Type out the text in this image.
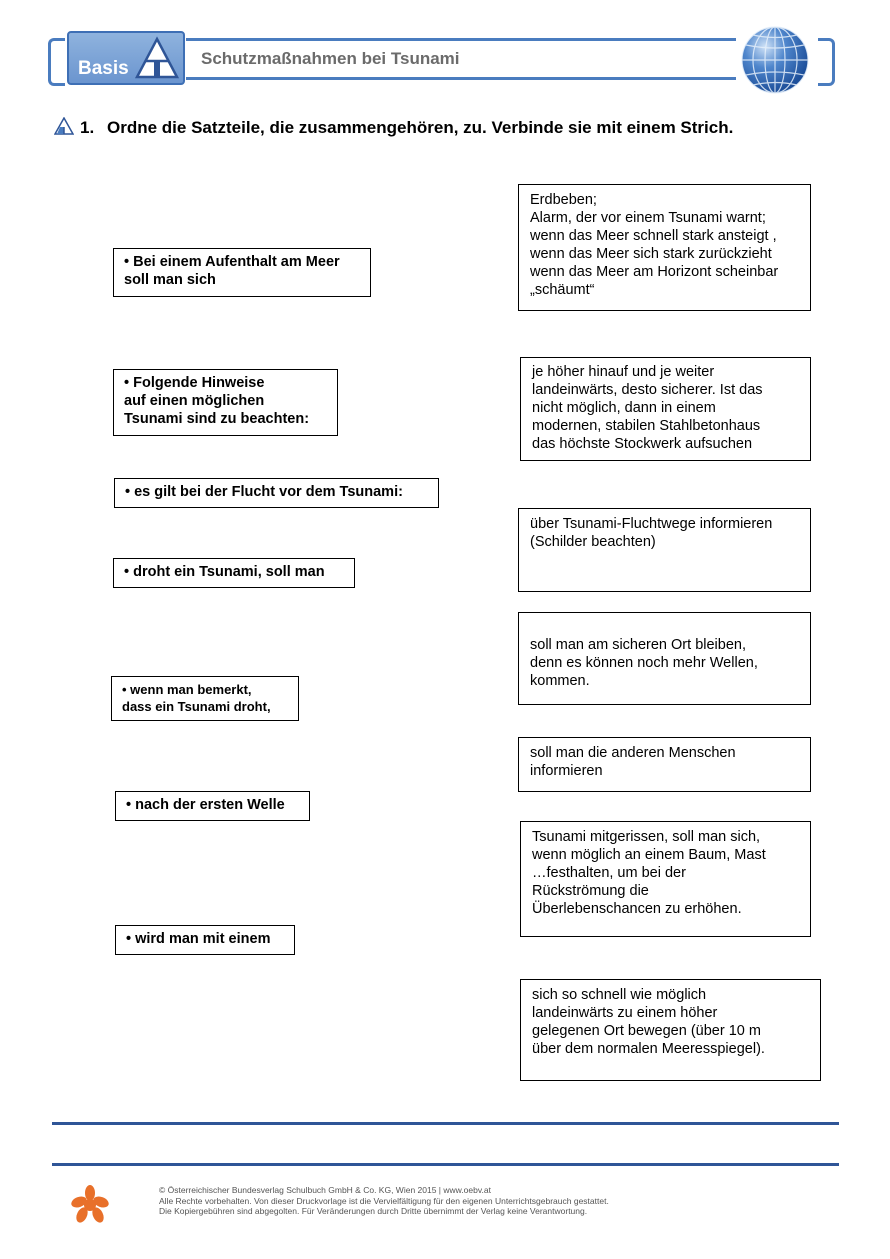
Basis	Schutzmaßnahmen bei Tsunami
1. Ordne die Satzteile, die zusammengehören, zu. Verbinde sie mit einem Strich.
• Bei einem Aufenthalt am Meer
soll man sich
• Folgende Hinweise
auf einen möglichen
Tsunami sind zu beachten:
• es gilt bei der Flucht vor dem Tsunami:
• droht ein Tsunami, soll man
• wenn man bemerkt,
dass ein Tsunami droht,
• nach der ersten Welle
• wird man mit einem
Erdbeben;
Alarm, der vor einem Tsunami warnt;
wenn das Meer schnell stark ansteigt ,
wenn das Meer sich stark zurückzieht
wenn das Meer am Horizont scheinbar
„schäumt“
je höher hinauf und je weiter
landeinwärts, desto sicherer. Ist das
nicht möglich, dann in einem
modernen, stabilen Stahlbetonhaus
das höchste Stockwerk aufsuchen
über Tsunami-Fluchtwege informieren
(Schilder beachten)
soll man am sicheren Ort bleiben,
denn es können noch mehr Wellen,
kommen.
soll man die anderen Menschen
informieren
Tsunami mitgerissen, soll man sich,
wenn möglich an einem Baum, Mast
…festhalten, um bei der
Rückströmung die
Überlebenschancen zu erhöhen.
sich so schnell wie möglich
landeinwärts zu einem höher
gelegenen Ort bewegen (über 10 m
über dem normalen Meeresspiegel).
© Österreichischer Bundesverlag Schulbuch GmbH & Co. KG, Wien 2015 | www.oebv.at
Alle Rechte vorbehalten. Von dieser Druckvorlage ist die Vervielfältigung für den eigenen Unterrichtsgebrauch gestattet.
Die Kopiergebühren sind abgegolten. Für Veränderungen durch Dritte übernimmt der Verlag keine Verantwortung.
